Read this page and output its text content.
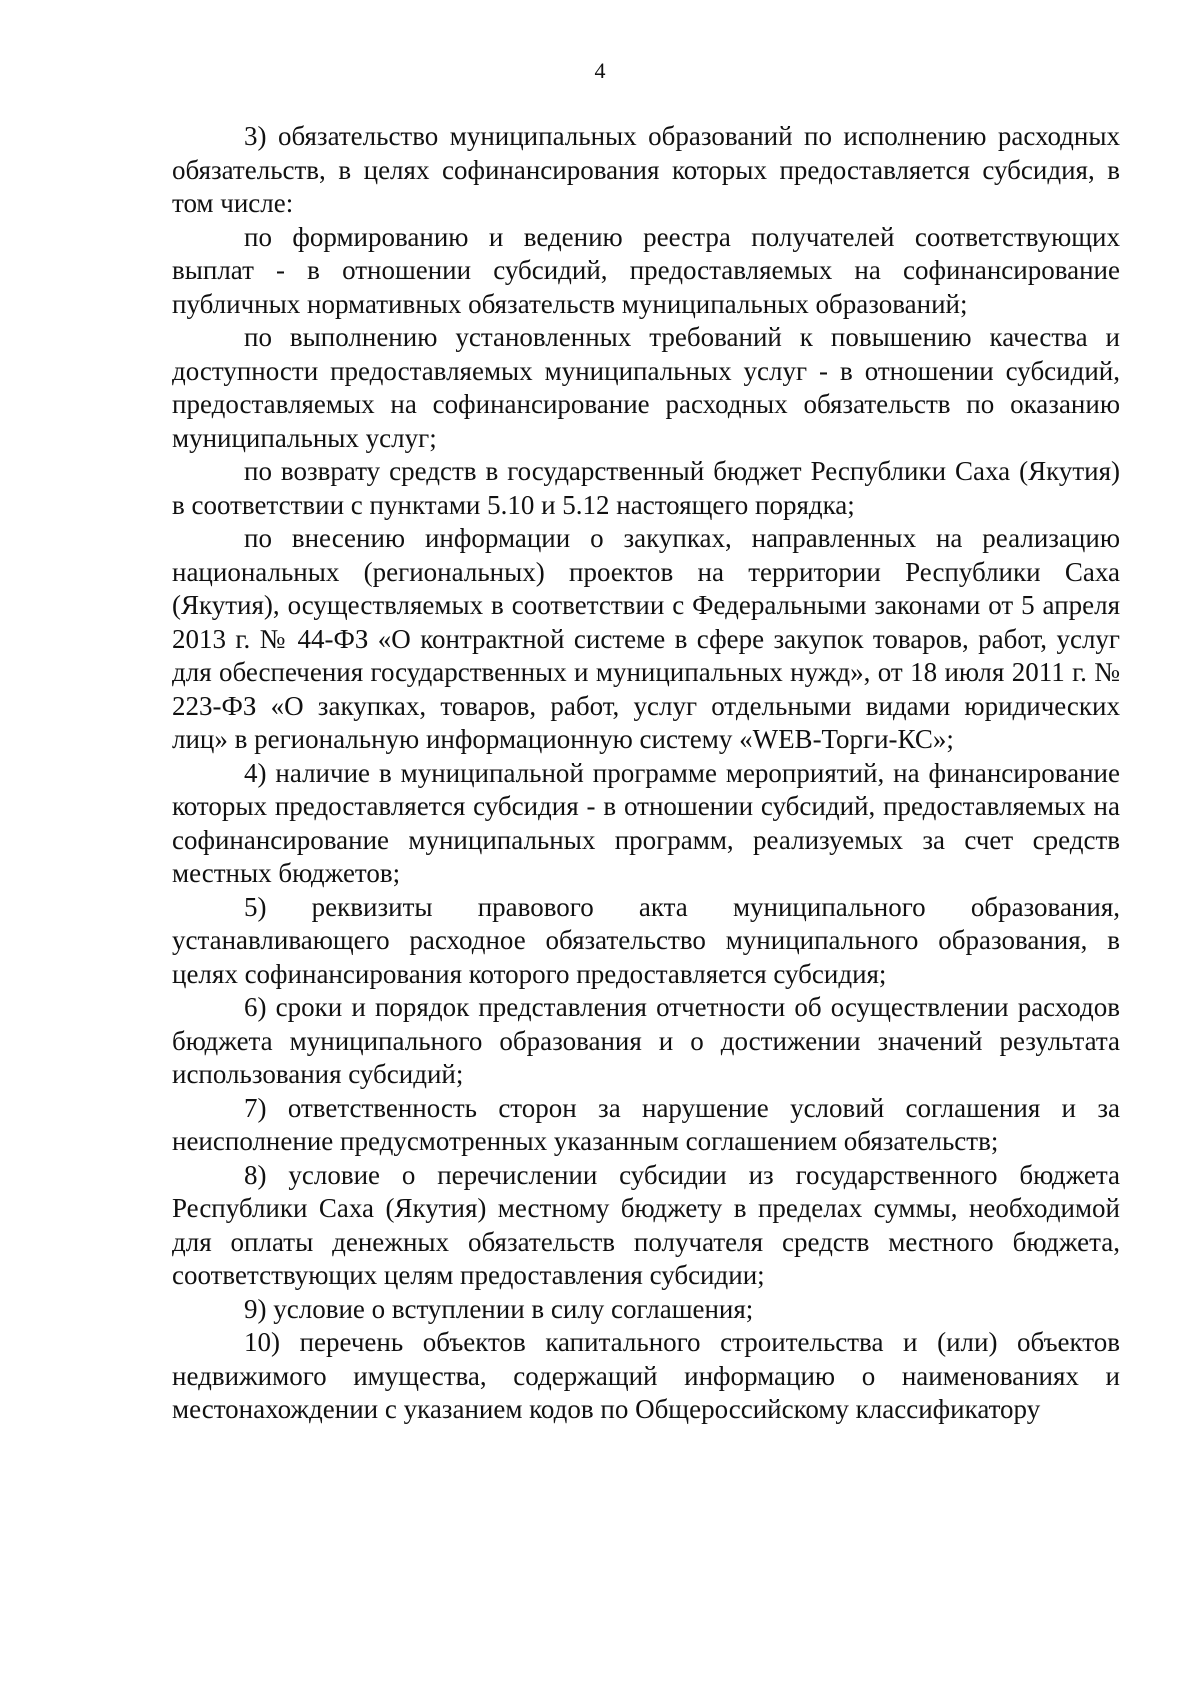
4

3) обязательство муниципальных образований по исполнению расходных обязательств, в целях софинансирования которых предоставляется субсидия, в том числе:

по формированию и ведению реестра получателей соответствующих выплат - в отношении субсидий, предоставляемых на софинансирование публичных нормативных обязательств муниципальных образований;

по выполнению установленных требований к повышению качества и доступности предоставляемых муниципальных услуг - в отношении субсидий, предоставляемых на софинансирование расходных обязательств по оказанию муниципальных услуг;

по возврату средств в государственный бюджет Республики Саха (Якутия) в соответствии с пунктами 5.10 и 5.12 настоящего порядка;

по внесению информации о закупках, направленных на реализацию национальных (региональных) проектов на территории Республики Саха (Якутия), осуществляемых в соответствии с Федеральными законами от 5 апреля 2013 г. № 44-ФЗ «О контрактной системе в сфере закупок товаров, работ, услуг для обеспечения государственных и муниципальных нужд», от 18 июля 2011 г. № 223-ФЗ «О закупках, товаров, работ, услуг отдельными видами юридических лиц» в региональную информационную систему «WEB-Торги-КС»;

4) наличие в муниципальной программе мероприятий, на финансирование которых предоставляется субсидия - в отношении субсидий, предоставляемых на софинансирование муниципальных программ, реализуемых за счет средств местных бюджетов;

5) реквизиты правового акта муниципального образования, устанавливающего расходное обязательство муниципального образования, в целях софинансирования которого предоставляется субсидия;

6) сроки и порядок представления отчетности об осуществлении расходов бюджета муниципального образования и о достижении значений результата использования субсидий;

7) ответственность сторон за нарушение условий соглашения и за неисполнение предусмотренных указанным соглашением обязательств;

8) условие о перечислении субсидии из государственного бюджета Республики Саха (Якутия) местному бюджету в пределах суммы, необходимой для оплаты денежных обязательств получателя средств местного бюджета, соответствующих целям предоставления субсидии;

9) условие о вступлении в силу соглашения;

10) перечень объектов капитального строительства и (или) объектов недвижимого имущества, содержащий информацию о наименованиях и местонахождении с указанием кодов по Общероссийскому классификатору
